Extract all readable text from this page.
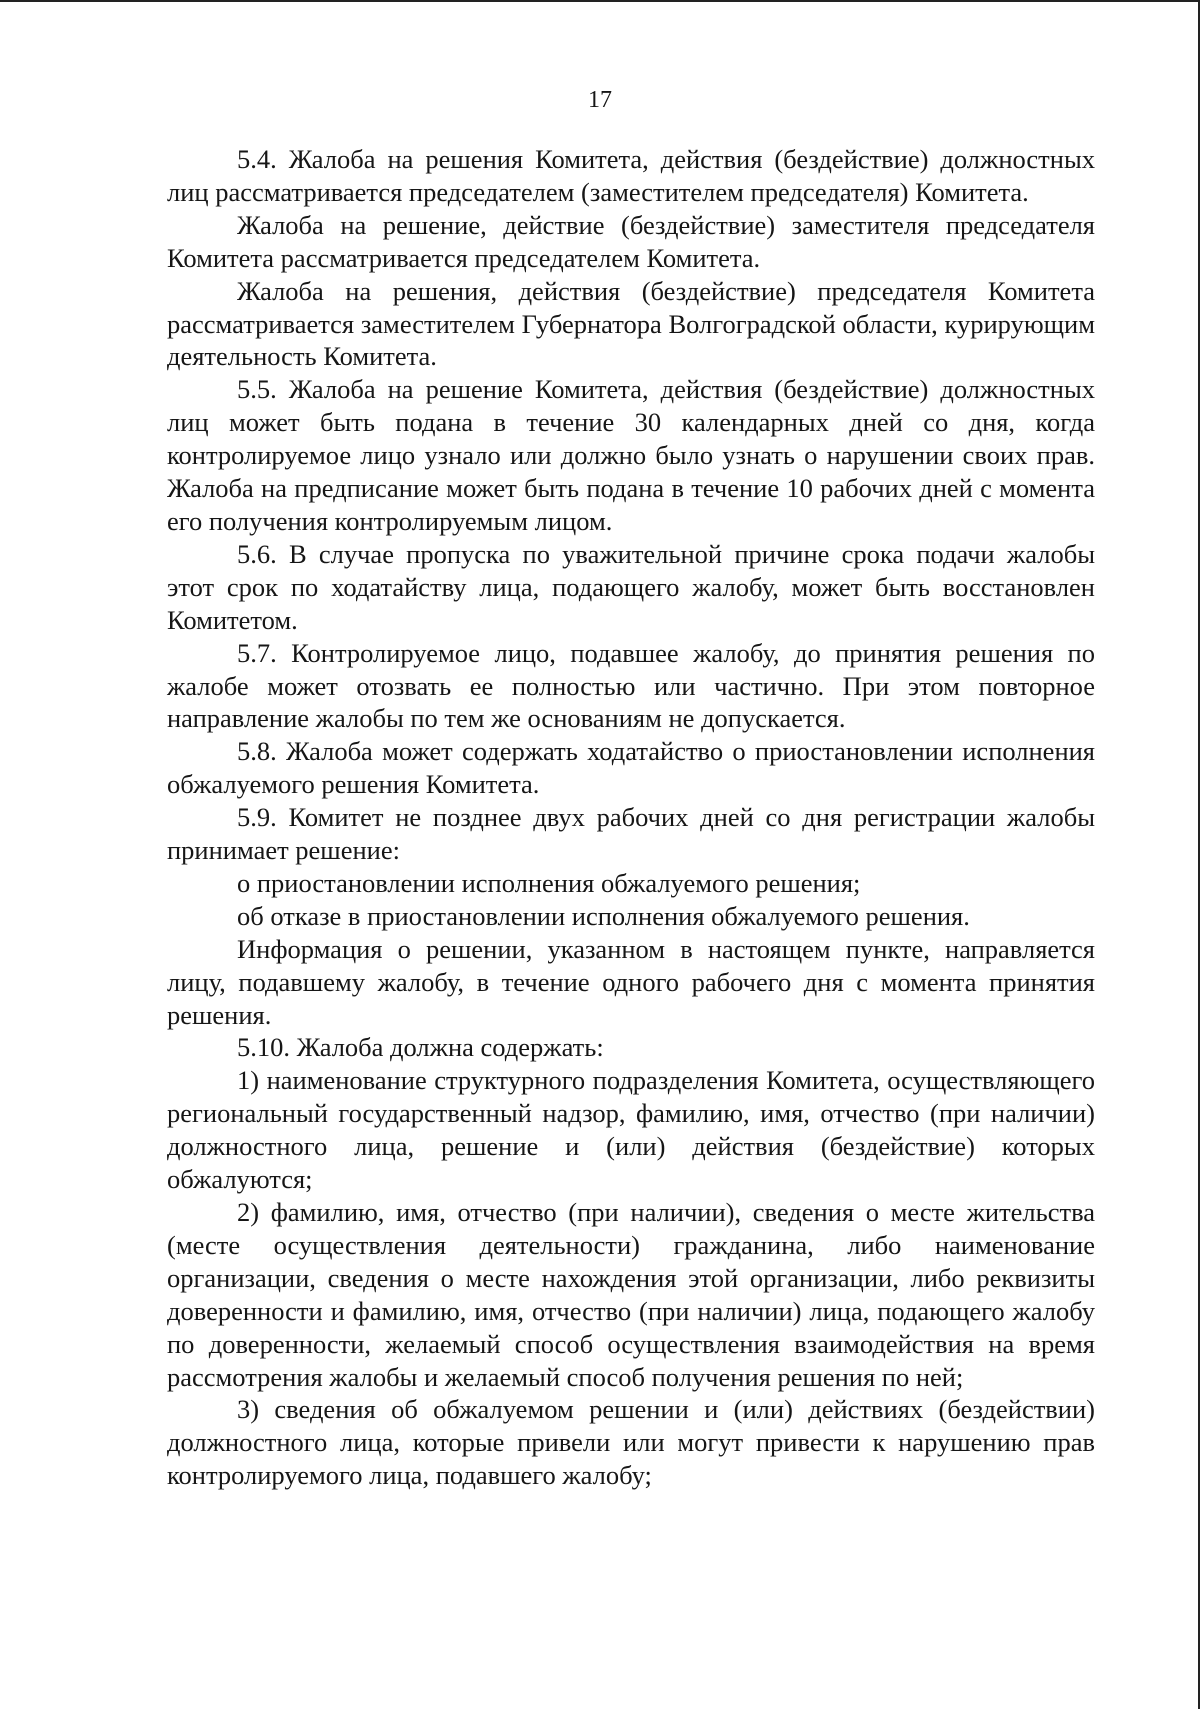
17

5.4. Жалоба на решения Комитета, действия (бездействие) должностных лиц рассматривается председателем (заместителем председателя) Комитета.

Жалоба на решение, действие (бездействие) заместителя председателя Комитета рассматривается председателем Комитета.

Жалоба на решения, действия (бездействие) председателя Комитета рассматривается заместителем Губернатора Волгоградской области, курирующим деятельность Комитета.

5.5. Жалоба на решение Комитета, действия (бездействие) должностных лиц может быть подана в течение 30 календарных дней со дня, когда контролируемое лицо узнало или должно было узнать о нарушении своих прав. Жалоба на предписание может быть подана в течение 10 рабочих дней с момента его получения контролируемым лицом.

5.6. В случае пропуска по уважительной причине срока подачи жалобы этот срок по ходатайству лица, подающего жалобу, может быть восстановлен Комитетом.

5.7. Контролируемое лицо, подавшее жалобу, до принятия решения по жалобе может отозвать ее полностью или частично. При этом повторное направление жалобы по тем же основаниям не допускается.

5.8. Жалоба может содержать ходатайство о приостановлении исполнения обжалуемого решения Комитета.

5.9. Комитет не позднее двух рабочих дней со дня регистрации жалобы принимает решение:

о приостановлении исполнения обжалуемого решения;

об отказе в приостановлении исполнения обжалуемого решения.

Информация о решении, указанном в настоящем пункте, направляется лицу, подавшему жалобу, в течение одного рабочего дня с момента принятия решения.

5.10. Жалоба должна содержать:

1) наименование структурного подразделения Комитета, осуществляющего региональный государственный надзор, фамилию, имя, отчество (при наличии) должностного лица, решение и (или) действия (бездействие) которых обжалуются;

2) фамилию, имя, отчество (при наличии), сведения о месте жительства (месте осуществления деятельности) гражданина, либо наименование организации, сведения о месте нахождения этой организации, либо реквизиты доверенности и фамилию, имя, отчество (при наличии) лица, подающего жалобу по доверенности, желаемый способ осуществления взаимодействия на время рассмотрения жалобы и желаемый способ получения решения по ней;

3) сведения об обжалуемом решении и (или) действиях (бездействии) должностного лица, которые привели или могут привести к нарушению прав контролируемого лица, подавшего жалобу;
